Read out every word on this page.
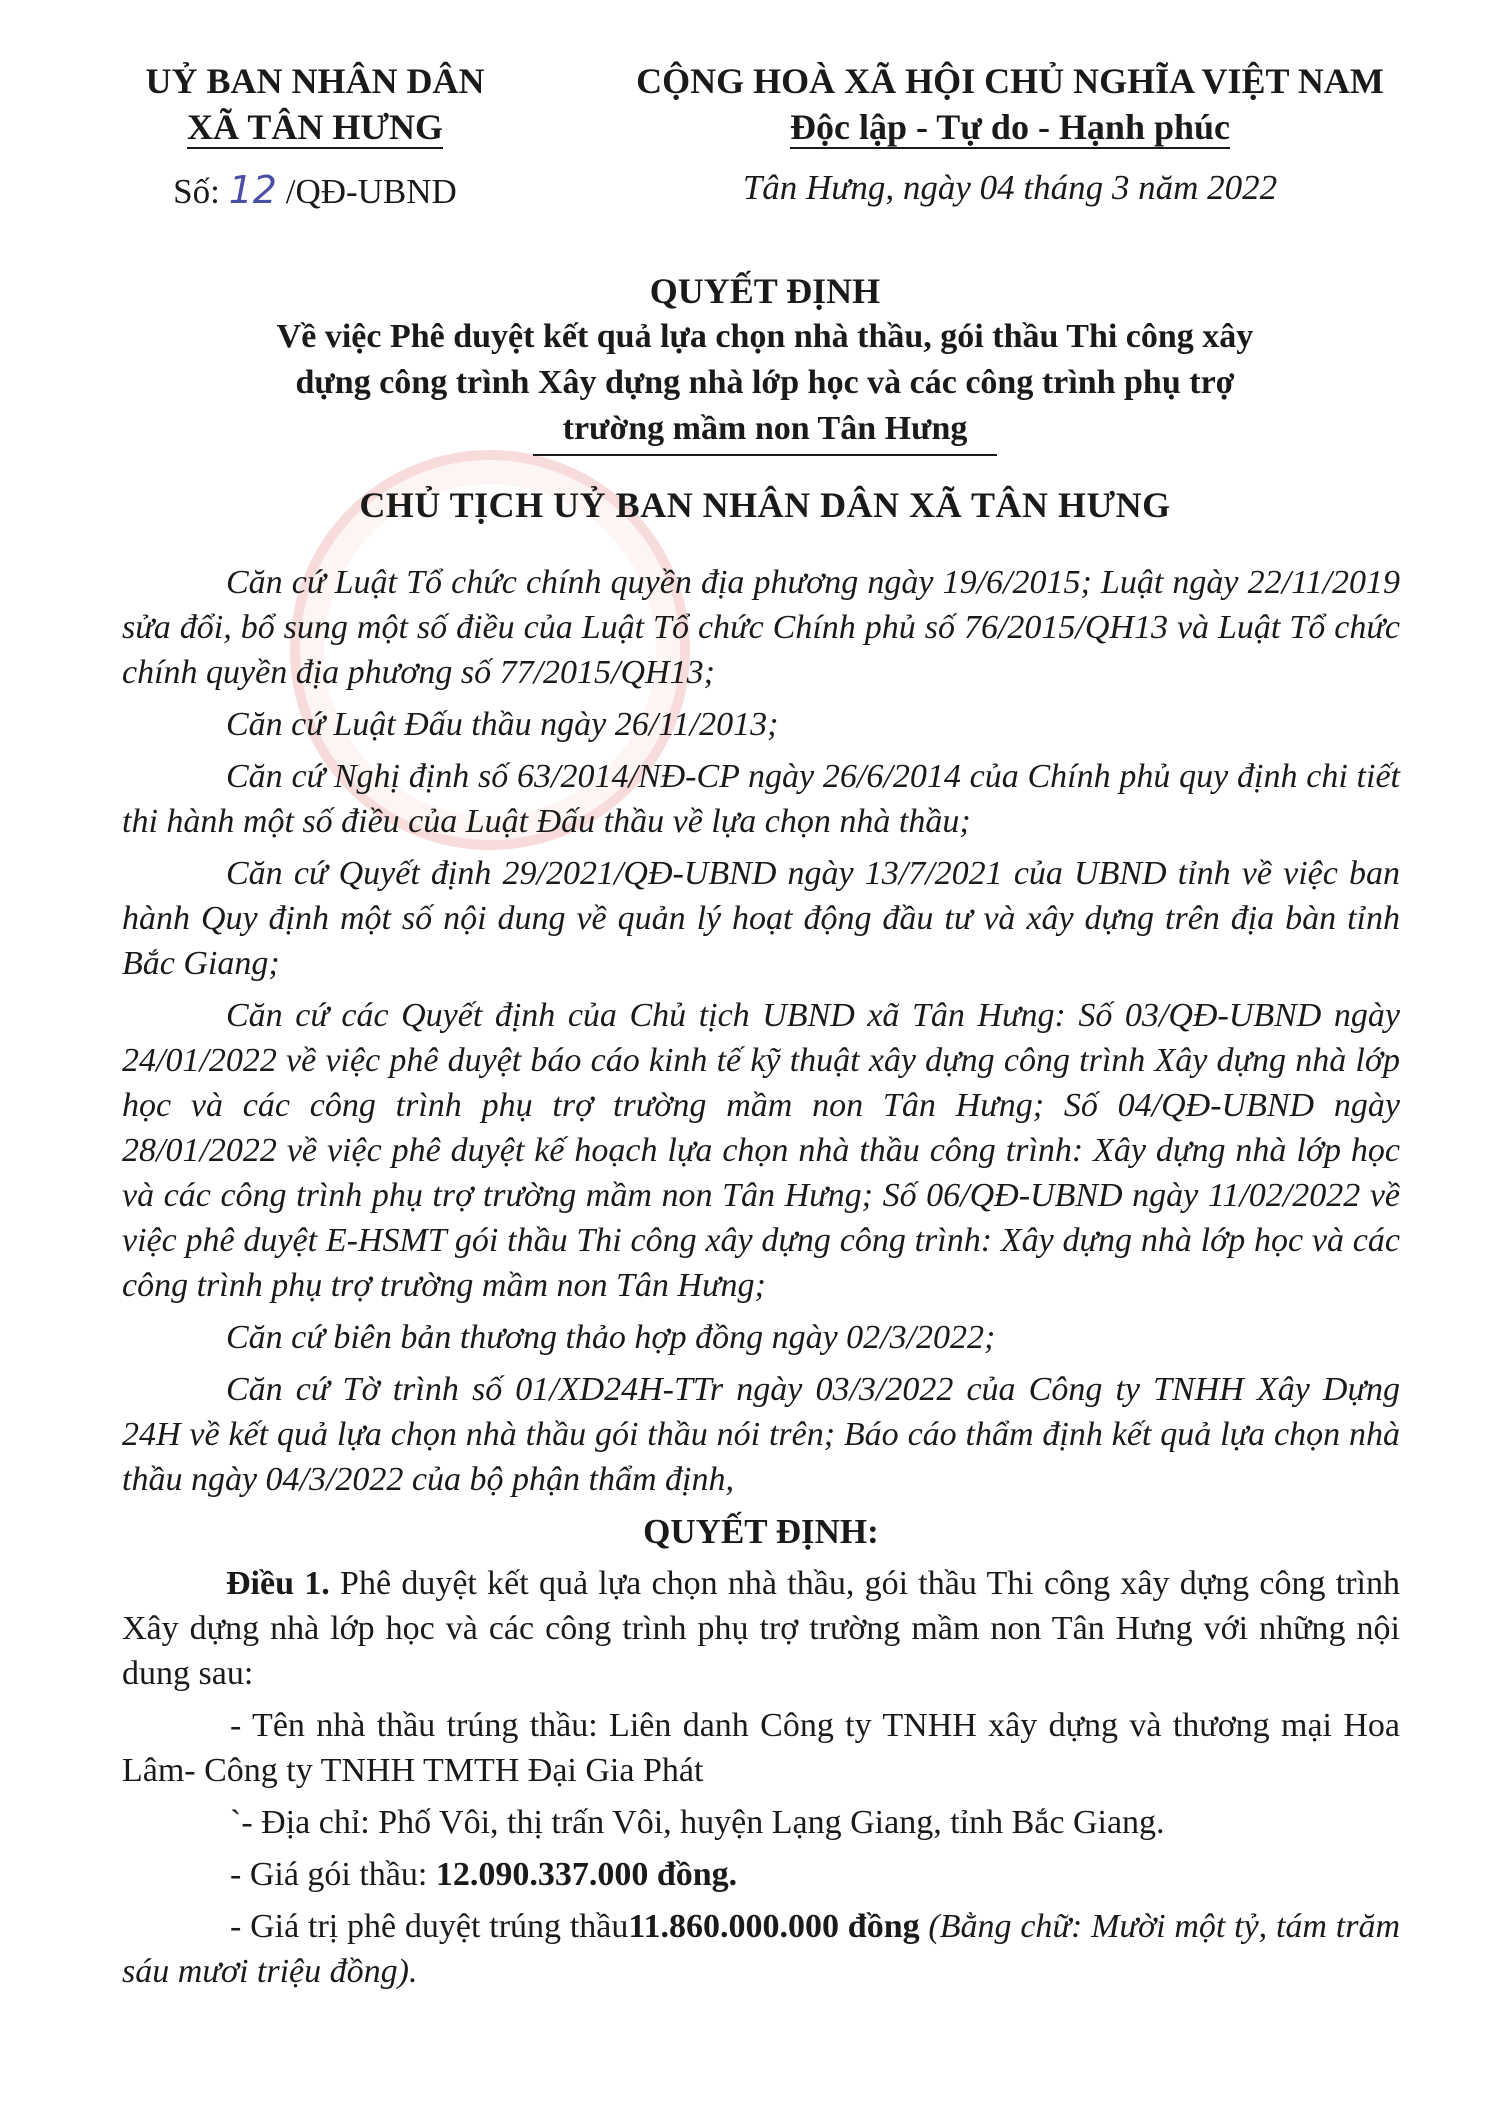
UỶ BAN NHÂN DÂN
XÃ TÂN HƯNG
CỘNG HOÀ XÃ HỘI CHỦ NGHĨA VIỆT NAM
Độc lập - Tự do - Hạnh phúc
Số: 12 /QĐ-UBND	Tân Hưng, ngày 04 tháng 3 năm 2022
QUYẾT ĐỊNH
Về việc Phê duyệt kết quả lựa chọn nhà thầu, gói thầu Thi công xây
dựng công trình Xây dựng nhà lớp học và các công trình phụ trợ
trường mầm non Tân Hưng
CHỦ TỊCH UỶ BAN NHÂN DÂN XÃ TÂN HƯNG

Căn cứ Luật Tổ chức chính quyền địa phương ngày 19/6/2015; Luật ngày 22/11/2019 sửa đổi, bổ sung một số điều của Luật Tổ chức Chính phủ số 76/2015/QH13 và Luật Tổ chức chính quyền địa phương số 77/2015/QH13;

Căn cứ Luật Đấu thầu ngày 26/11/2013;

Căn cứ Nghị định số 63/2014/NĐ-CP ngày 26/6/2014 của Chính phủ quy định chi tiết thi hành một số điều của Luật Đấu thầu về lựa chọn nhà thầu;

Căn cứ Quyết định 29/2021/QĐ-UBND ngày 13/7/2021 của UBND tỉnh về việc ban hành Quy định một số nội dung về quản lý hoạt động đầu tư và xây dựng trên địa bàn tỉnh Bắc Giang;

Căn cứ các Quyết định của Chủ tịch UBND xã Tân Hưng: Số 03/QĐ-UBND ngày 24/01/2022 về việc phê duyệt báo cáo kinh tế kỹ thuật xây dựng công trình Xây dựng nhà lớp học và các công trình phụ trợ trường mầm non Tân Hưng; Số 04/QĐ-UBND ngày 28/01/2022 về việc phê duyệt kế hoạch lựa chọn nhà thầu công trình: Xây dựng nhà lớp học và các công trình phụ trợ trường mầm non Tân Hưng; Số 06/QĐ-UBND ngày 11/02/2022 về việc phê duyệt E-HSMT gói thầu Thi công xây dựng công trình: Xây dựng nhà lớp học và các công trình phụ trợ trường mầm non Tân Hưng;

Căn cứ biên bản thương thảo hợp đồng ngày 02/3/2022;

Căn cứ Tờ trình số 01/XD24H-TTr ngày 03/3/2022 của Công ty TNHH Xây Dựng 24H về kết quả lựa chọn nhà thầu gói thầu nói trên; Báo cáo thẩm định kết quả lựa chọn nhà thầu ngày 04/3/2022 của bộ phận thẩm định,

QUYẾT ĐỊNH:

Điều 1. Phê duyệt kết quả lựa chọn nhà thầu, gói thầu Thi công xây dựng công trình Xây dựng nhà lớp học và các công trình phụ trợ trường mầm non Tân Hưng với những nội dung sau:

- Tên nhà thầu trúng thầu: Liên danh Công ty TNHH xây dựng và thương mại Hoa Lâm- Công ty TNHH TMTH Đại Gia Phát

`- Địa chỉ: Phố Vôi, thị trấn Vôi, huyện Lạng Giang, tỉnh Bắc Giang.

- Giá gói thầu: 12.090.337.000 đồng.

- Giá trị phê duyệt trúng thầu11.860.000.000 đồng (Bằng chữ: Mười một tỷ, tám trăm sáu mươi triệu đồng).
